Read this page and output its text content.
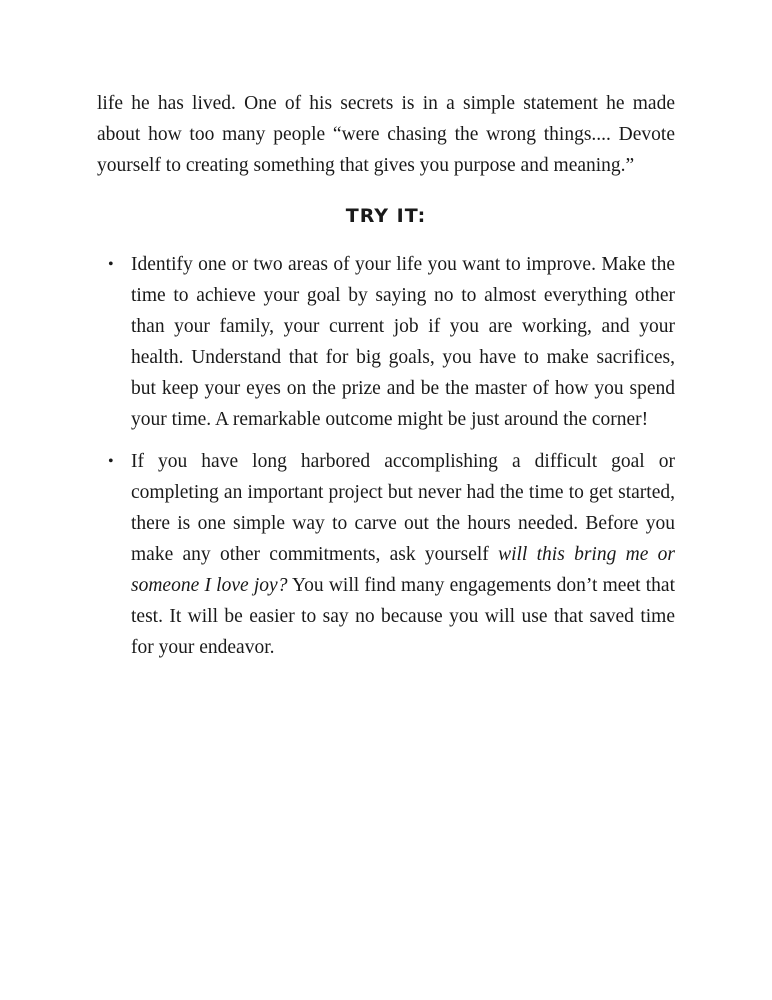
life he has lived. One of his secrets is in a simple statement he made about how too many people “were chasing the wrong things.... Devote yourself to creating something that gives you purpose and meaning.”

TRY IT:
• Identify one or two areas of your life you want to improve. Make the time to achieve your goal by saying no to almost everything other than your family, your current job if you are working, and your health. Understand that for big goals, you have to make sacrifices, but keep your eyes on the prize and be the master of how you spend your time. A remarkable outcome might be just around the corner!

• If you have long harbored accomplishing a difficult goal or completing an important project but never had the time to get started, there is one simple way to carve out the hours needed. Before you make any other commitments, ask yourself will this bring me or someone I love joy? You will find many engagements don’t meet that test. It will be easier to say no because you will use that saved time for your endeavor.
